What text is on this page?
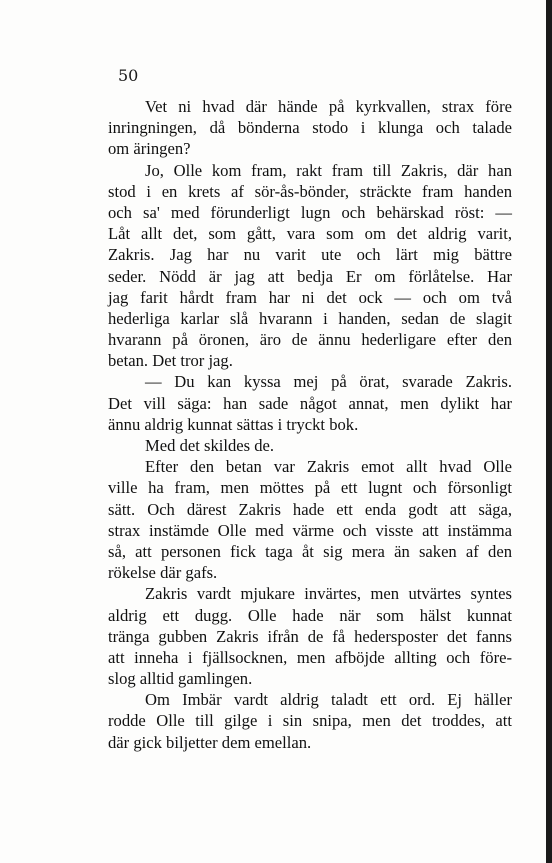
50
Vet ni hvad där hände på kyrkvallen, strax före
inringningen, då bönderna stodo i klunga och talade
om äringen?
Jo, Olle kom fram, rakt fram till Zakris, där han
stod i en krets af sör-ås-bönder, sträckte fram handen
och sa' med förunderligt lugn och behärskad röst: —
Låt allt det, som gått, vara som om det aldrig varit,
Zakris. Jag har nu varit ute och lärt mig bättre
seder. Nödd är jag att bedja Er om förlåtelse. Har
jag farit hårdt fram har ni det ock — och om två
hederliga karlar slå hvarann i handen, sedan de slagit
hvarann på öronen, äro de ännu hederligare efter den
betan. Det tror jag.
— Du kan kyssa mej på örat, svarade Zakris.
Det vill säga: han sade något annat, men dylikt har
ännu aldrig kunnat sättas i tryckt bok.
Med det skildes de.
Efter den betan var Zakris emot allt hvad Olle
ville ha fram, men möttes på ett lugnt och försonligt
sätt. Och därest Zakris hade ett enda godt att säga,
strax instämde Olle med värme och visste att instämma
så, att personen fick taga åt sig mera än saken af den
rökelse där gafs.
Zakris vardt mjukare invärtes, men utvärtes syntes
aldrig ett dugg. Olle hade när som hälst kunnat
tränga gubben Zakris ifrån de få hedersposter det fanns
att inneha i fjällsocknen, men afböjde allting och före-
slog alltid gamlingen.
Om Imbär vardt aldrig taladt ett ord. Ej häller
rodde Olle till gilge i sin snipa, men det troddes, att
där gick biljetter dem emellan.
